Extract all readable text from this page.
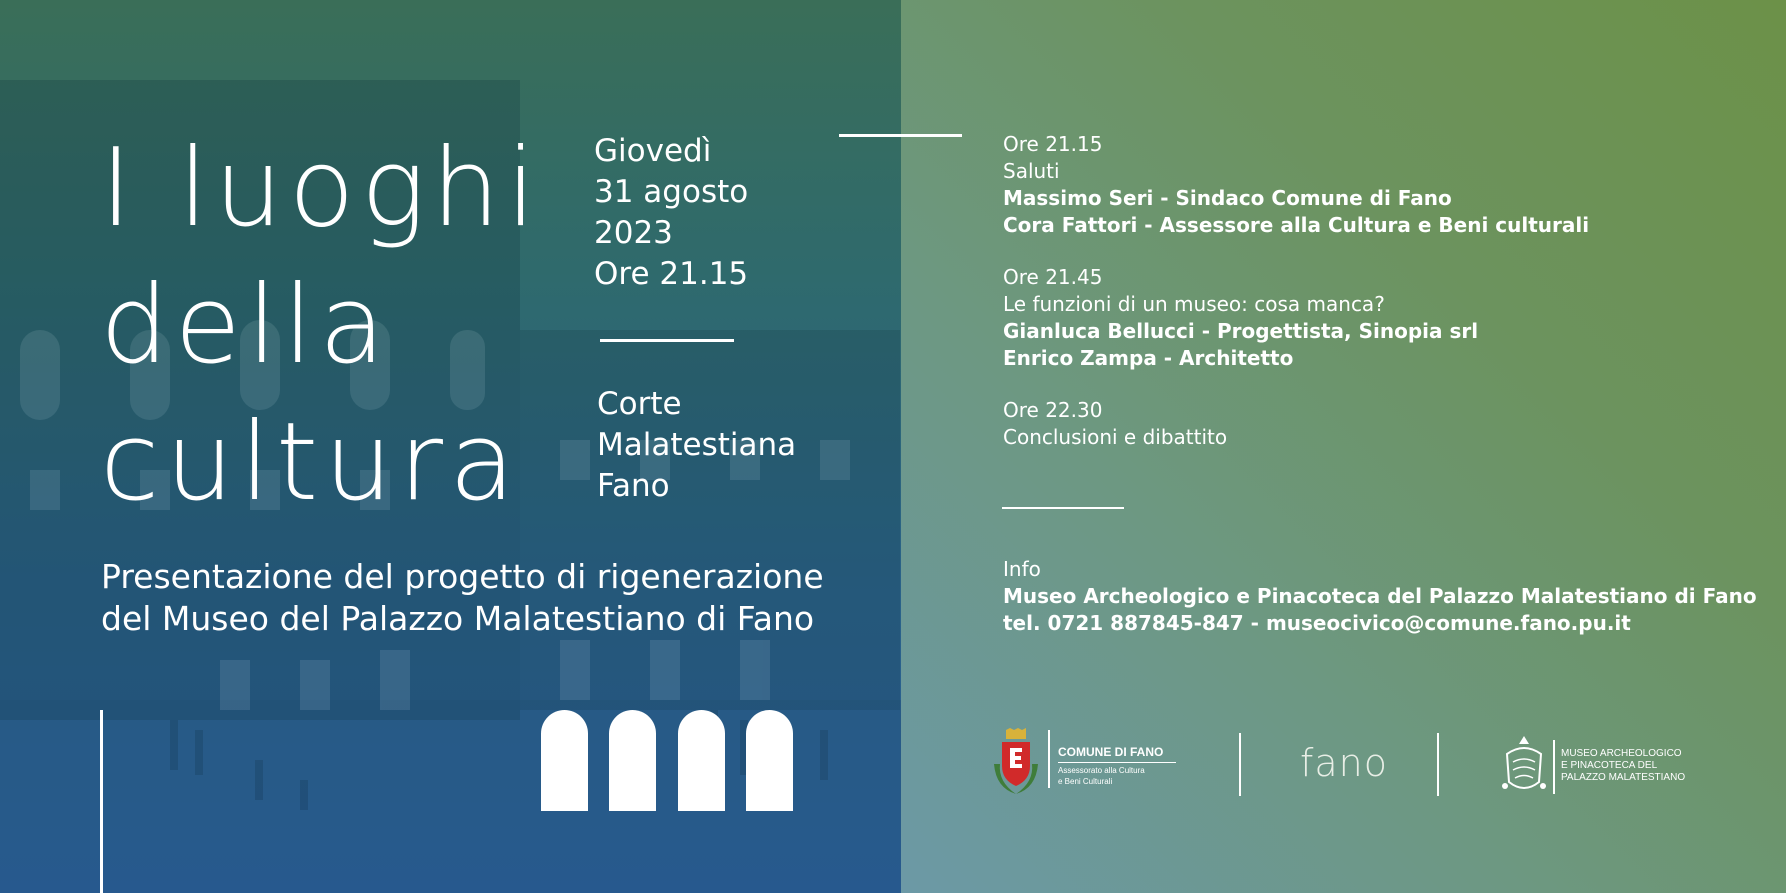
I luoghi
della
cultura
Giovedì
31 agosto
2023
Ore 21.15
Corte
Malatestiana
Fano
Presentazione del progetto di rigenerazione
del Museo del Palazzo Malatestiano di Fano
Ore 21.15
Saluti
Massimo Seri - Sindaco Comune di Fano
Cora Fattori - Assessore alla Cultura e Beni culturali
Ore 21.45
Le funzioni di un museo: cosa manca?
Gianluca Bellucci - Progettista, Sinopia srl
Enrico Zampa - Architetto
Ore 22.30
Conclusioni e dibattito
Info
Museo Archeologico e Pinacoteca del Palazzo Malatestiano di Fano
tel. 0721 887845-847 - museocivico@comune.fano.pu.it
COMUNE DI FANO
Assessorato alla Cultura
e Beni Culturali	fano	MUSEO ARCHEOLOGICO
E PINACOTECA DEL
PALAZZO MALATESTIANO
